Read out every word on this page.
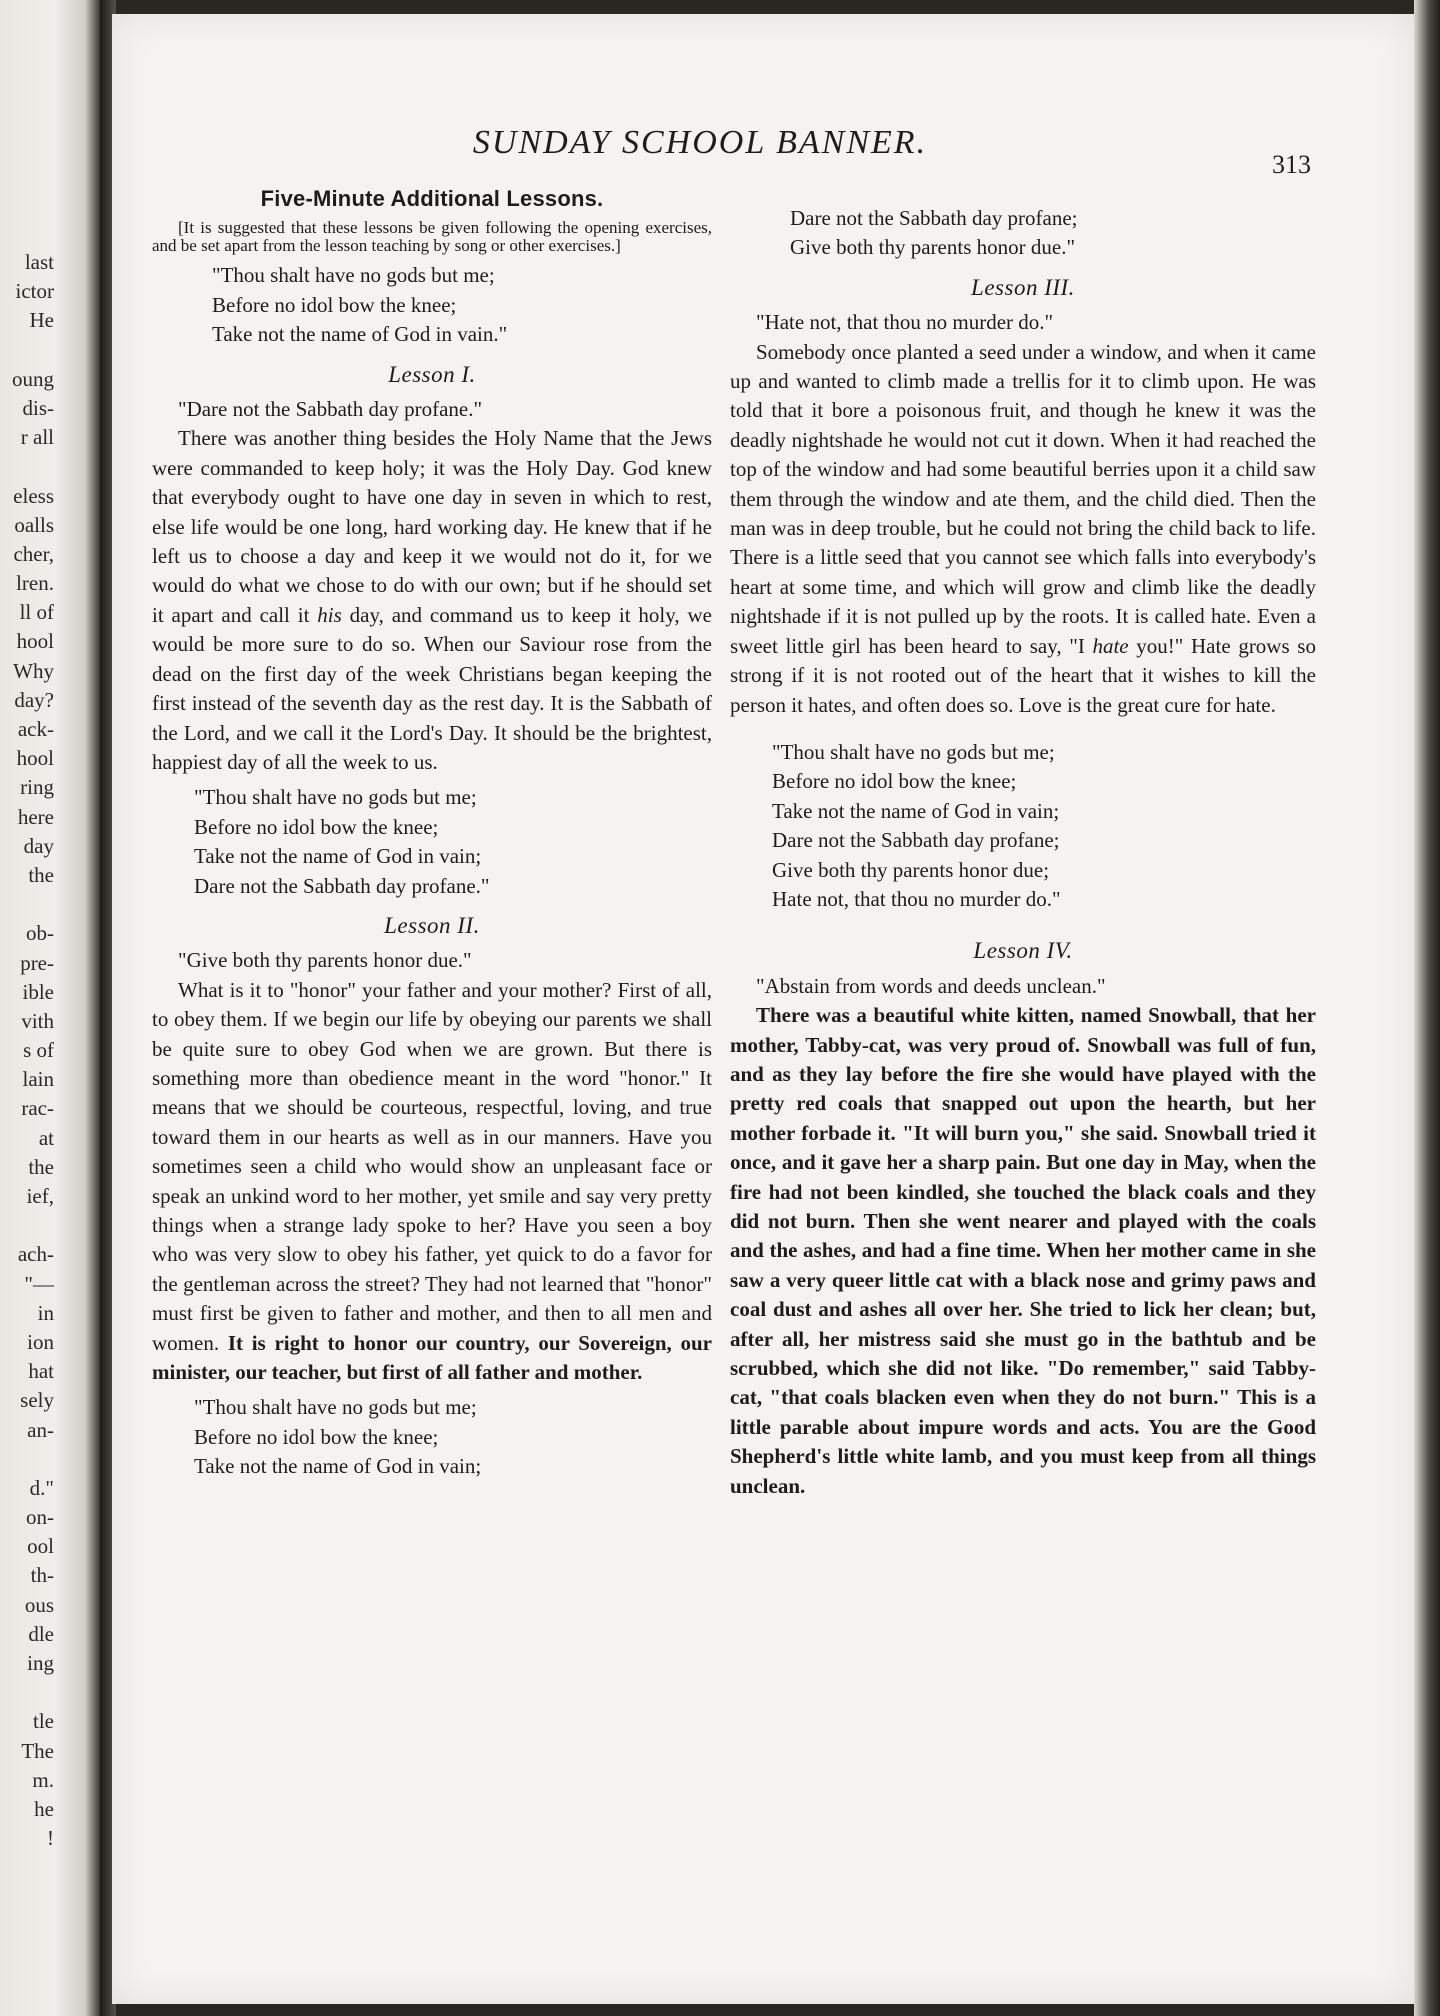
last
ictor
He
oung
dis-
r all
eless
oalls
cher,
lren.
ll of
hool
Why
day?
ack-
hool
ring
here
day
the
ob-
pre-
ible
vith
s of
lain
rac-
at
the
ief,
ach-
"—
in
ion
hat
sely
an-
d."
on-
ool
th-
ous
dle
ing
tle
The
m.
he
!
SUNDAY SCHOOL BANNER.
313
Five-Minute Additional Lessons.

[It is suggested that these lessons be given following the opening exercises, and be set apart from the lesson teaching by song or other exercises.]

"Thou shalt have no gods but me;
Before no idol bow the knee;
Take not the name of God in vain."
Lesson I.

"Dare not the Sabbath day profane."

There was another thing besides the Holy Name that the Jews were commanded to keep holy; it was the Holy Day. God knew that everybody ought to have one day in seven in which to rest, else life would be one long, hard working day. He knew that if he left us to choose a day and keep it we would not do it, for we would do what we chose to do with our own; but if he should set it apart and call it his day, and command us to keep it holy, we would be more sure to do so. When our Saviour rose from the dead on the first day of the week Christians began keeping the first instead of the seventh day as the rest day. It is the Sabbath of the Lord, and we call it the Lord's Day. It should be the brightest, happiest day of all the week to us.

"Thou shalt have no gods but me;
Before no idol bow the knee;
Take not the name of God in vain;
Dare not the Sabbath day profane."
Lesson II.

"Give both thy parents honor due."

What is it to "honor" your father and your mother? First of all, to obey them. If we begin our life by obeying our parents we shall be quite sure to obey God when we are grown. But there is something more than obedience meant in the word "honor." It means that we should be courteous, respectful, loving, and true toward them in our hearts as well as in our manners. Have you sometimes seen a child who would show an unpleasant face or speak an unkind word to her mother, yet smile and say very pretty things when a strange lady spoke to her? Have you seen a boy who was very slow to obey his father, yet quick to do a favor for the gentleman across the street? They had not learned that "honor" must first be given to father and mother, and then to all men and women. It is right to honor our country, our Sovereign, our minister, our teacher, but first of all father and mother.

"Thou shalt have no gods but me;
Before no idol bow the knee;
Take not the name of God in vain;
Dare not the Sabbath day profane;
Give both thy parents honor due."
Lesson III.

"Hate not, that thou no murder do."

Somebody once planted a seed under a window, and when it came up and wanted to climb made a trellis for it to climb upon. He was told that it bore a poisonous fruit, and though he knew it was the deadly nightshade he would not cut it down. When it had reached the top of the window and had some beautiful berries upon it a child saw them through the window and ate them, and the child died. Then the man was in deep trouble, but he could not bring the child back to life. There is a little seed that you cannot see which falls into everybody's heart at some time, and which will grow and climb like the deadly nightshade if it is not pulled up by the roots. It is called hate. Even a sweet little girl has been heard to say, "I hate you!" Hate grows so strong if it is not rooted out of the heart that it wishes to kill the person it hates, and often does so. Love is the great cure for hate.

"Thou shalt have no gods but me;
Before no idol bow the knee;
Take not the name of God in vain;
Dare not the Sabbath day profane;
Give both thy parents honor due;
Hate not, that thou no murder do."
Lesson IV.

"Abstain from words and deeds unclean."

There was a beautiful white kitten, named Snowball, that her mother, Tabby-cat, was very proud of. Snowball was full of fun, and as they lay before the fire she would have played with the pretty red coals that snapped out upon the hearth, but her mother forbade it. "It will burn you," she said. Snowball tried it once, and it gave her a sharp pain. But one day in May, when the fire had not been kindled, she touched the black coals and they did not burn. Then she went nearer and played with the coals and the ashes, and had a fine time. When her mother came in she saw a very queer little cat with a black nose and grimy paws and coal dust and ashes all over her. She tried to lick her clean; but, after all, her mistress said she must go in the bathtub and be scrubbed, which she did not like. "Do remember," said Tabby-cat, "that coals blacken even when they do not burn." This is a little parable about impure words and acts. You are the Good Shepherd's little white lamb, and you must keep from all things unclean.
